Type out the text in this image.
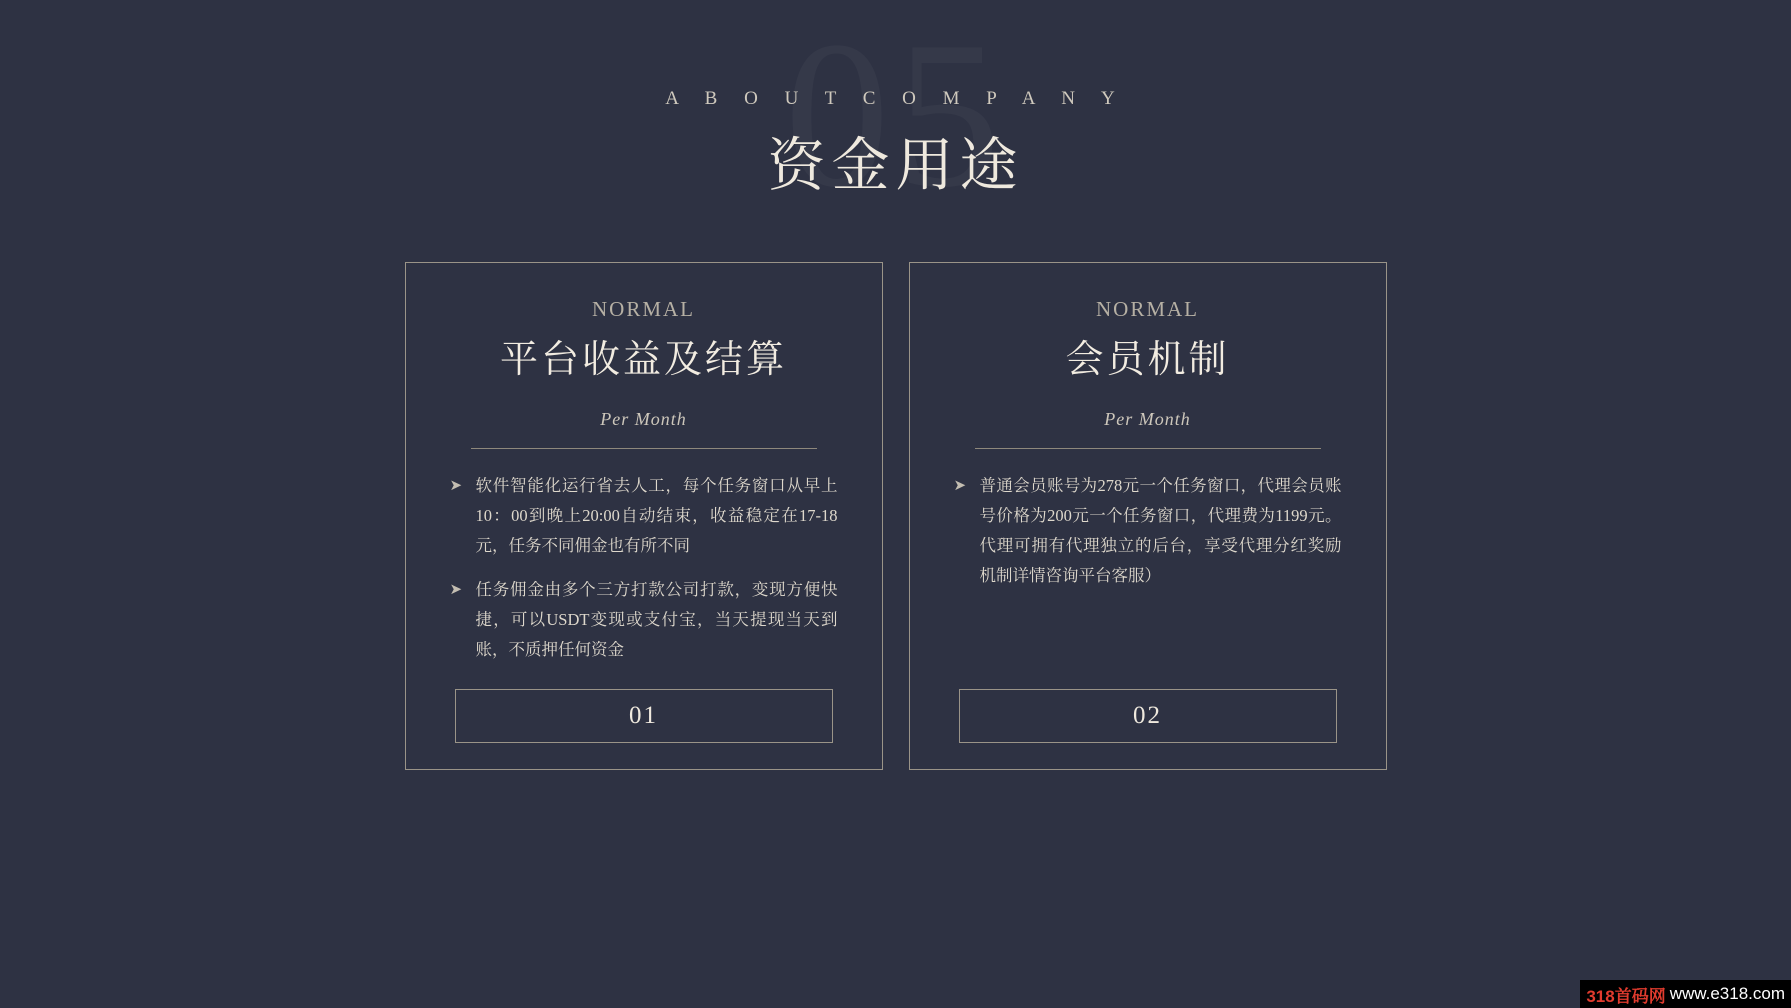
A B O U T C O M P A N Y
资金用途
NORMAL
平台收益及结算
Per Month
➤ 软件智能化运行省去人工，每个任务窗口从早上10：00到晚上20:00自动结束，收益稳定在17-18元，任务不同佣金也有所不同
➤ 任务佣金由多个三方打款公司打款，变现方便快捷，可以USDT变现或支付宝，当天提现当天到账，不质押任何资金
01
NORMAL
会员机制
Per Month
➤ 普通会员账号为278元一个任务窗口，代理会员账号价格为200元一个任务窗口，代理费为1199元。代理可拥有代理独立的后台，享受代理分红奖励机制详情咨询平台客服）
02
318首码网 www.e318.com
